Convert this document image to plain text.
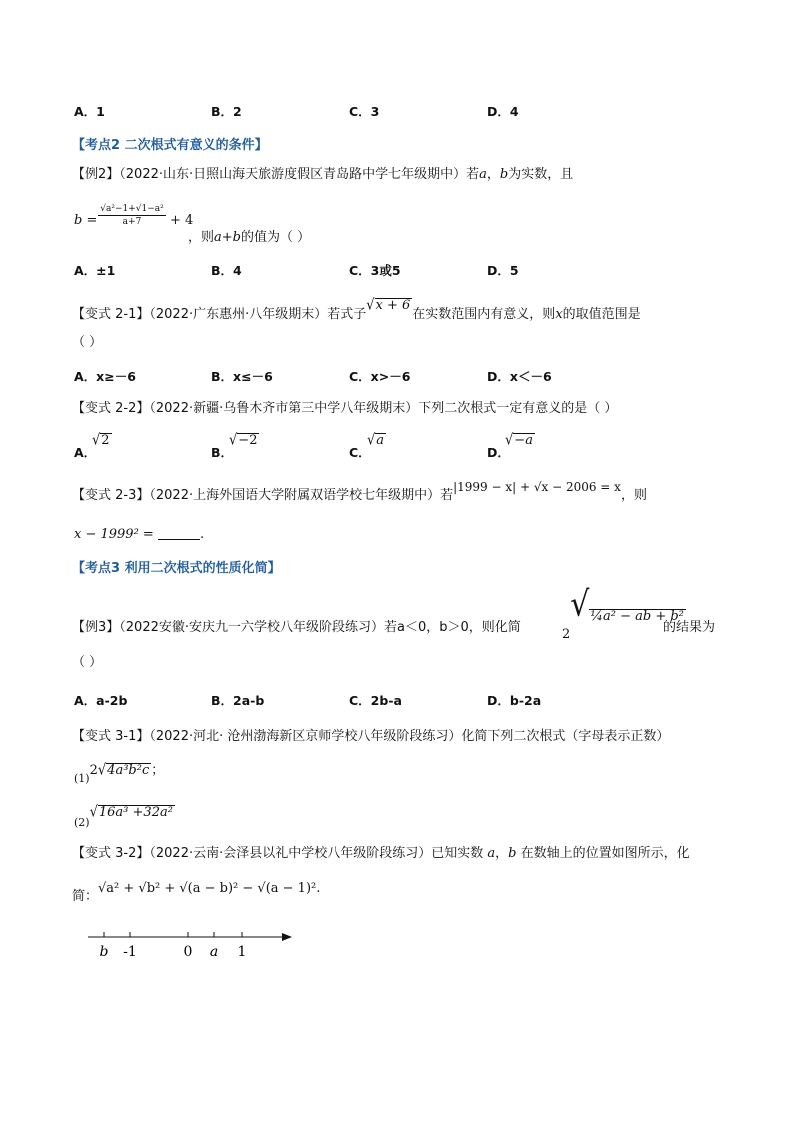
A．1	B．2	C．3	D．4
【考点2 二次根式有意义的条件】
【例2】（2022·山东·日照山海天旅游度假区青岛路中学七年级期中）若a，b为实数，且
b =
√a²−1+√1−a²
a+7	+ 4
，则a+b的值为（ ）
A．±1	B．4	C．3或5	D．5
【变式 2-1】（2022·广东惠州·八年级期末）若式子√x + 6在实数范围内有意义，则x的取值范围是
（ ）
A．x≥－6	B．x≤－6	C．x>－6	D．x＜－6
【变式 2-2】（2022·新疆·乌鲁木齐市第三中学八年级期末）下列二次根式一定有意义的是（ ）
A．
√2
B．
√−2
C．
√a
D．
√−a
【变式 2-3】（2022·上海外国语大学附属双语学校七年级期中）若|1999 − x| + √x − 2006 = x，则
x − 1999² =	.
【考点3 利用二次根式的性质化简】
【例3】（2022安徽·安庆九一六学校八年级阶段练习）若a＜0，b＞0，则化简	2√¼a² − ab + b²
的结果为
（ ）
A．a-2b	B．2a-b	C．2b-a	D．b-2a
【变式 3-1】（2022·河北· 沧州渤海新区京师学校八年级阶段练习）化简下列二次根式（字母表示正数）
$_{(1)}$2√4a³b²c ；
$_{(2)}$√16a³ +32a²
【变式 3-2】（2022·云南·会泽县以礼中学校八年级阶段练习）已知实数 a，b 在数轴上的位置如图所示，化
简：√a² + √b² + √(a − b)² − √(a − 1)².
b -1	0 a 1
